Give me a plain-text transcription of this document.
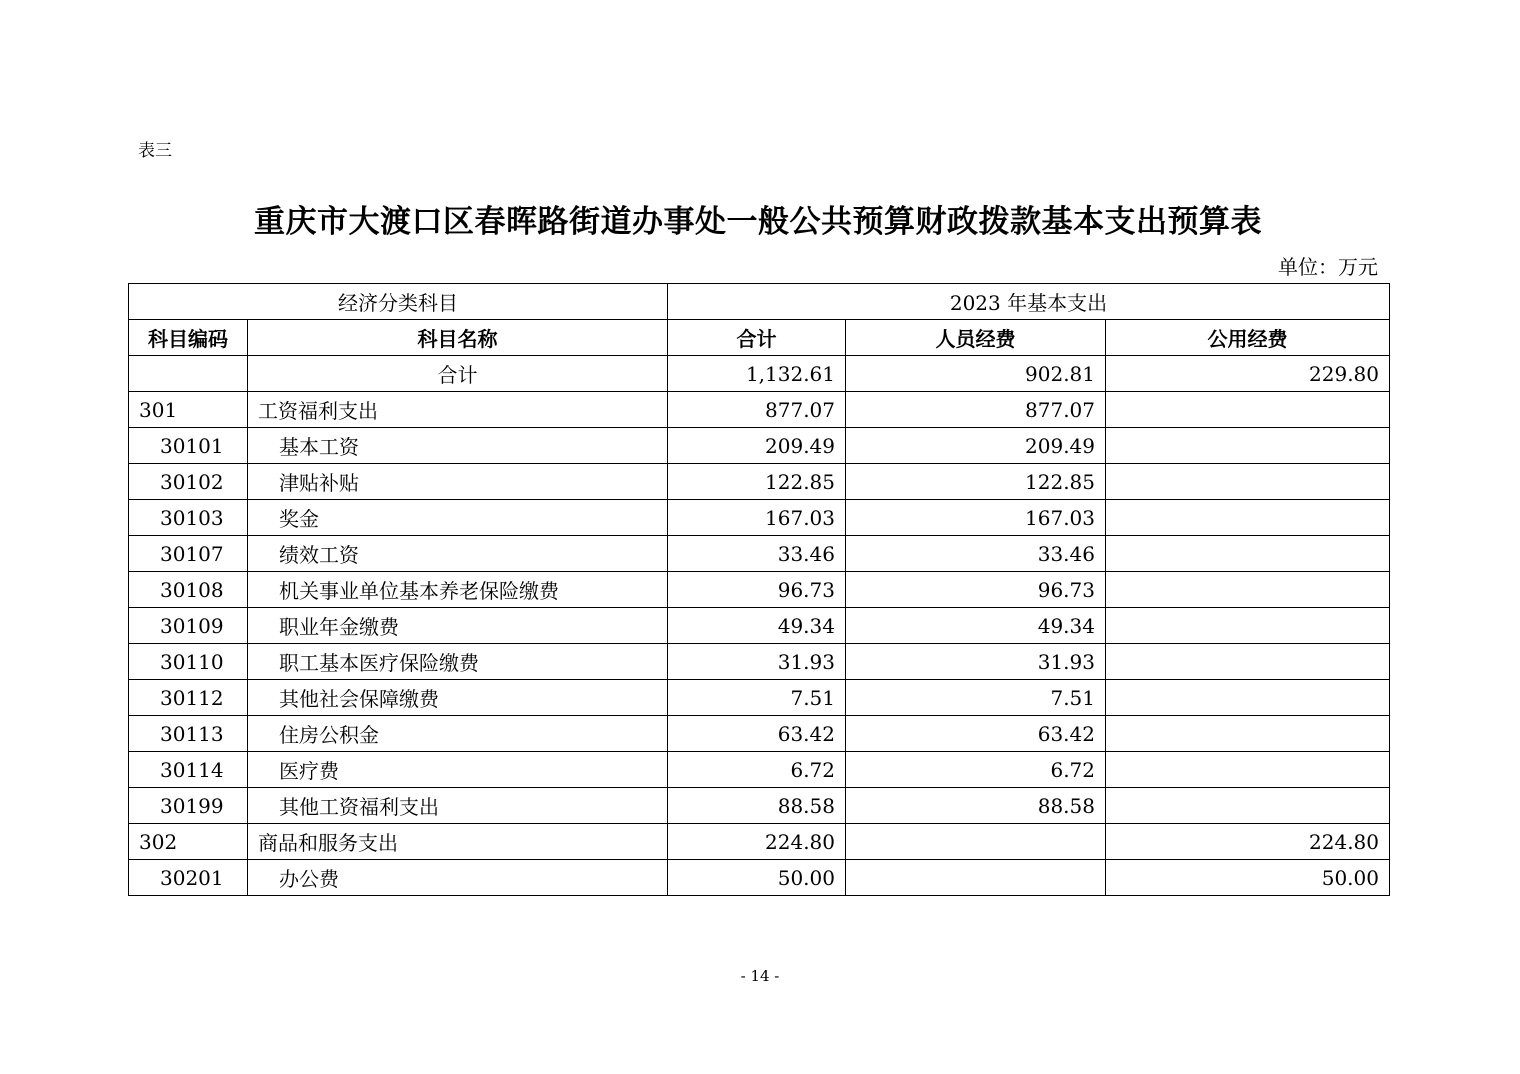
表三
重庆市大渡口区春晖路街道办事处一般公共预算财政拨款基本支出预算表
单位：万元
经济分类科目		2023 年基本支出		
科目编码	科目名称	合计	人员经费	公用经费
	合计	1,132.61	902.81	229.80
301	工资福利支出	877.07	877.07	
30101	基本工资	209.49	209.49	
30102	津贴补贴	122.85	122.85	
30103	奖金	167.03	167.03	
30107	绩效工资	33.46	33.46	
30108	机关事业单位基本养老保险缴费	96.73	96.73	
30109	职业年金缴费	49.34	49.34	
30110	职工基本医疗保险缴费	31.93	31.93	
30112	其他社会保障缴费	7.51	7.51	
30113	住房公积金	63.42	63.42	
30114	医疗费	6.72	6.72	
30199	其他工资福利支出	88.58	88.58	
302	商品和服务支出	224.80		224.80
30201	办公费	50.00		50.00
- 14 -
